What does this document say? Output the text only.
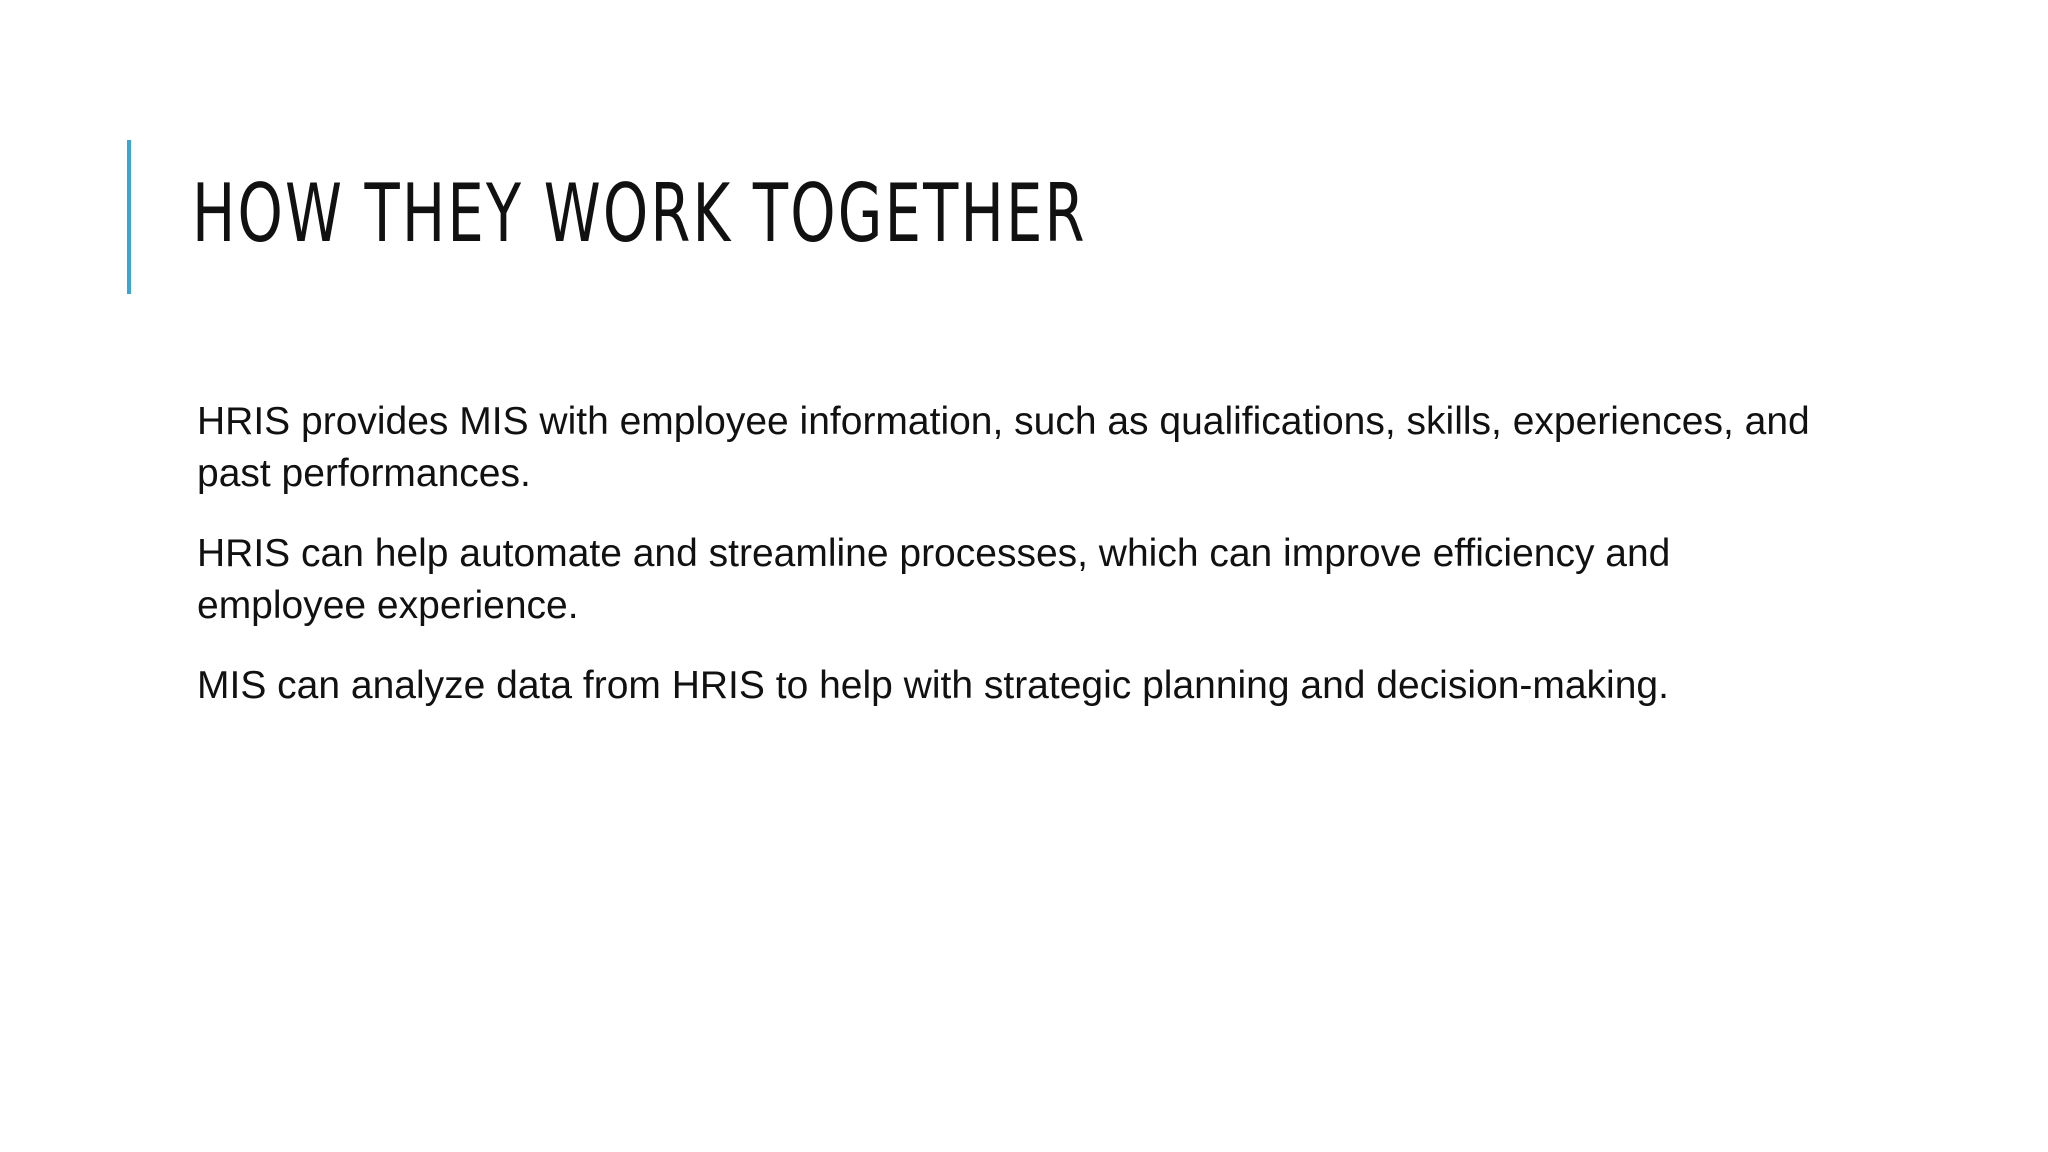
HOW THEY WORK TOGETHER

HRIS provides MIS with employee information, such as qualifications, skills, experiences, and past performances.

HRIS can help automate and streamline processes, which can improve efficiency and employee experience.

MIS can analyze data from HRIS to help with strategic planning and decision-making.
